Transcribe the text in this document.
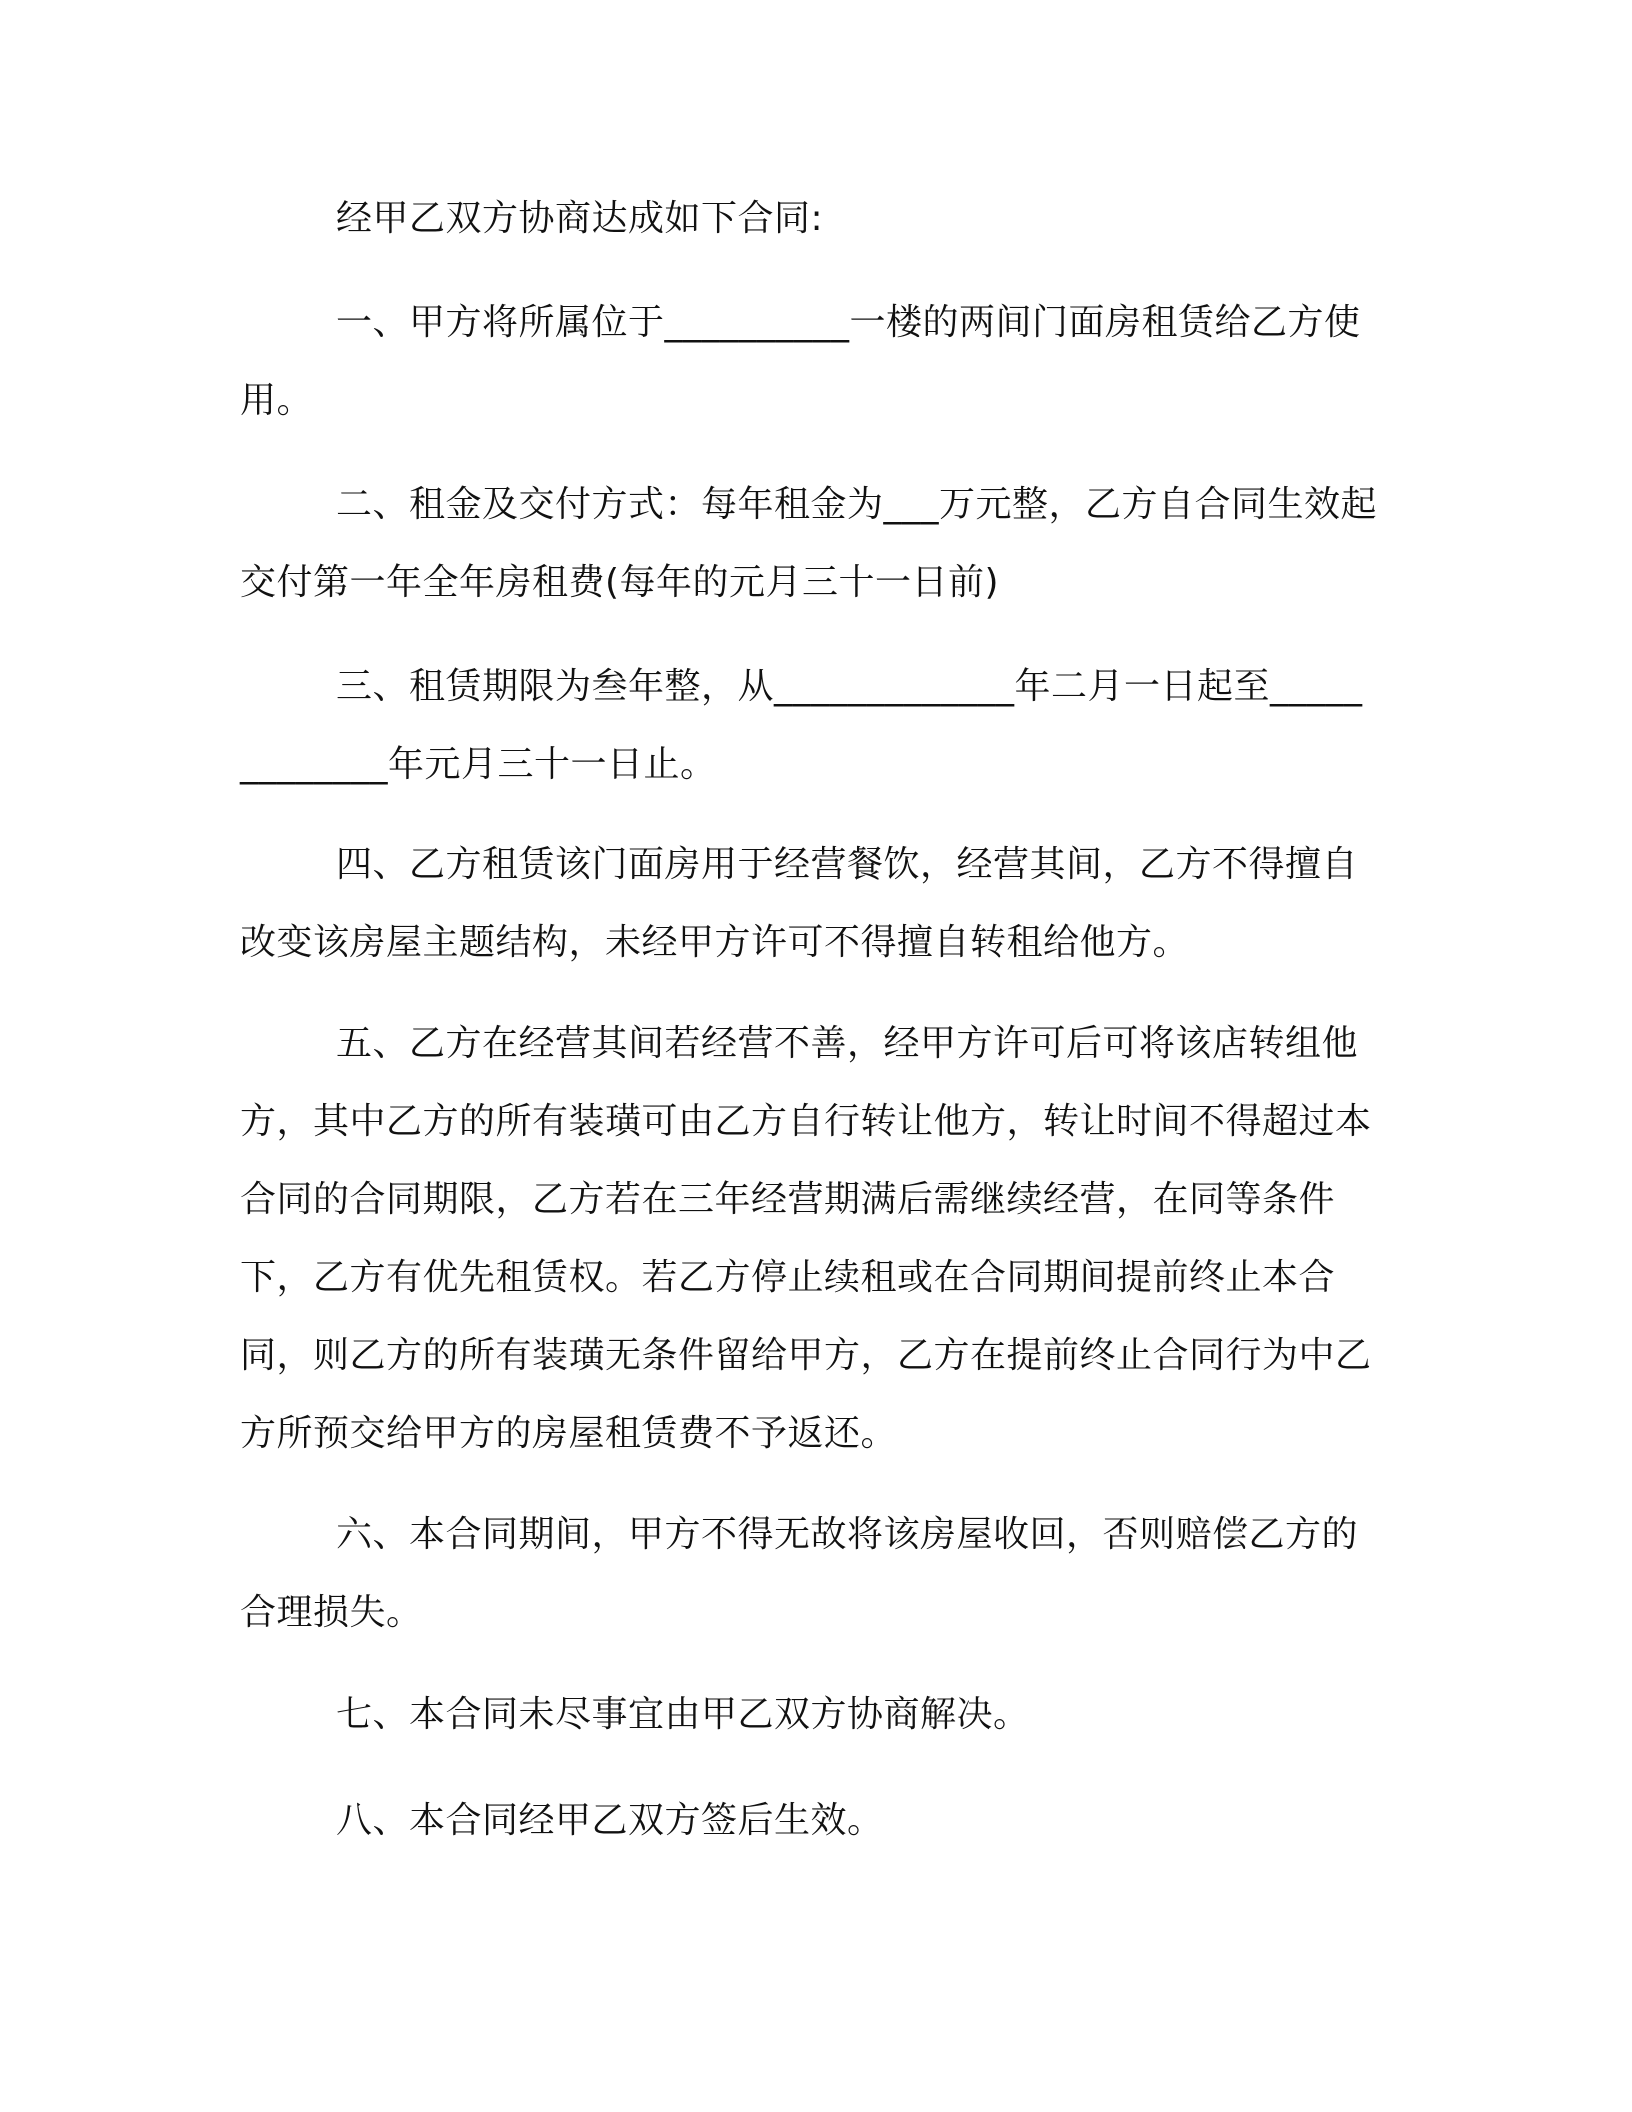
经甲乙双方协商达成如下合同:

一、甲方将所属位于__________一楼的两间门面房租赁给乙方使用。

二、租金及交付方式：每年租金为___万元整，乙方自合同生效起交付第一年全年房租费(每年的元月三十一日前)

三、租赁期限为叁年整，从_____________年二月一日起至_____________年元月三十一日止。

四、乙方租赁该门面房用于经营餐饮，经营其间，乙方不得擅自改变该房屋主题结构，未经甲方许可不得擅自转租给他方。

五、乙方在经营其间若经营不善，经甲方许可后可将该店转组他方，其中乙方的所有装璜可由乙方自行转让他方，转让时间不得超过本合同的合同期限，乙方若在三年经营期满后需继续经营，在同等条件下，乙方有优先租赁权。若乙方停止续租或在合同期间提前终止本合同，则乙方的所有装璜无条件留给甲方，乙方在提前终止合同行为中乙方所预交给甲方的房屋租赁费不予返还。

六、本合同期间，甲方不得无故将该房屋收回，否则赔偿乙方的合理损失。

七、本合同未尽事宜由甲乙双方协商解决。

八、本合同经甲乙双方签后生效。
